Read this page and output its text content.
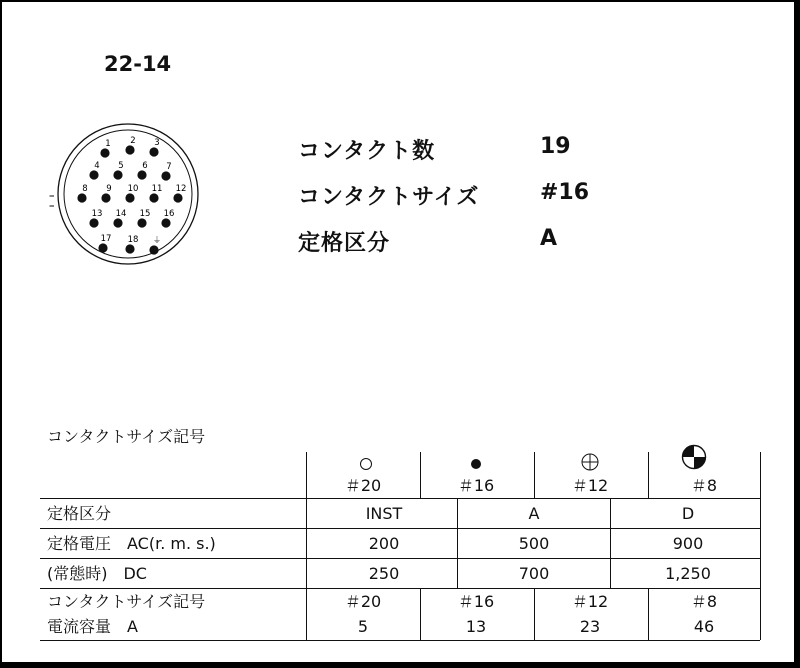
22-14
1 2 3
4 5 6 7
8 9 10 11 12
13 14 15 16
17 18 ⏚
コンタクト数	19
コンタクトサイズ	#16
定格区分	A
コンタクトサイズ記号
＃20	＃16	＃12	＃8
定格区分	INST	A	D
定格電圧　AC(r. m. s.)	200	500	900
(常態時)　DC	250	700	1,250
コンタクトサイズ記号	＃20	＃16	＃12	＃8
電流容量　A	5	13	23	46
